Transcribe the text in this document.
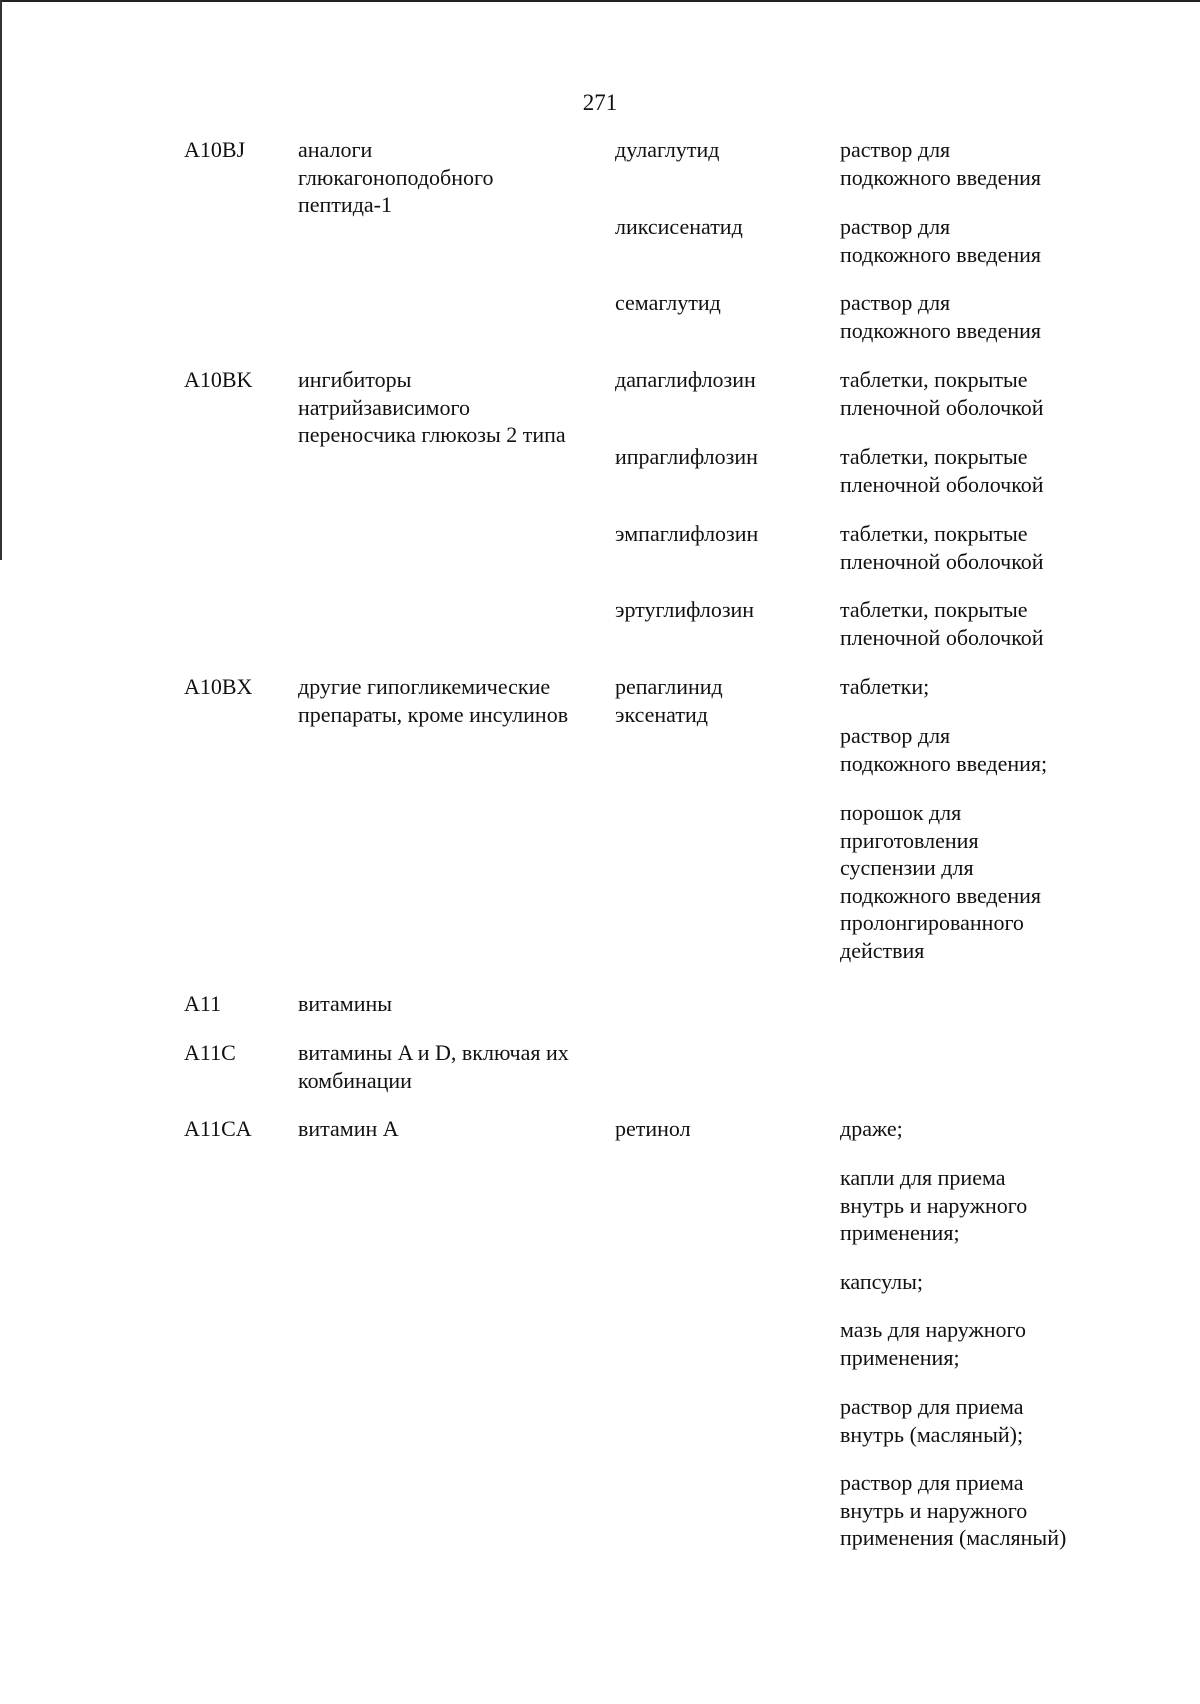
271
A10BJ аналоги
глюкагоноподобного
пептида-1
A10BK ингибиторы
натрийзависимого
переносчика глюкозы 2 типа
A10BX другие гипогликемические
препараты, кроме инсулинов
A11	витамины
A11C	витамины A и D, включая их
комбинации
A11CA витамин A
дулаглутид
ликсисенатид
семаглутид
дапаглифлозин
ипраглифлозин
эмпаглифлозин
эртуглифлозин
репаглинид
эксенатид
ретинол
раствор для
подкожного введения
раствор для
подкожного введения
раствор для
подкожного введения
таблетки, покрытые
пленочной оболочкой
таблетки, покрытые
пленочной оболочкой
таблетки, покрытые
пленочной оболочкой
таблетки, покрытые
пленочной оболочкой
таблетки;
раствор для
подкожного введения;
порошок для
приготовления
суспензии для
подкожного введения
пролонгированного
действия
драже;
капли для приема
внутрь и наружного
применения;
капсулы;
мазь для наружного
применения;
раствор для приема
внутрь (масляный);
раствор для приема
внутрь и наружного
применения (масляный)
